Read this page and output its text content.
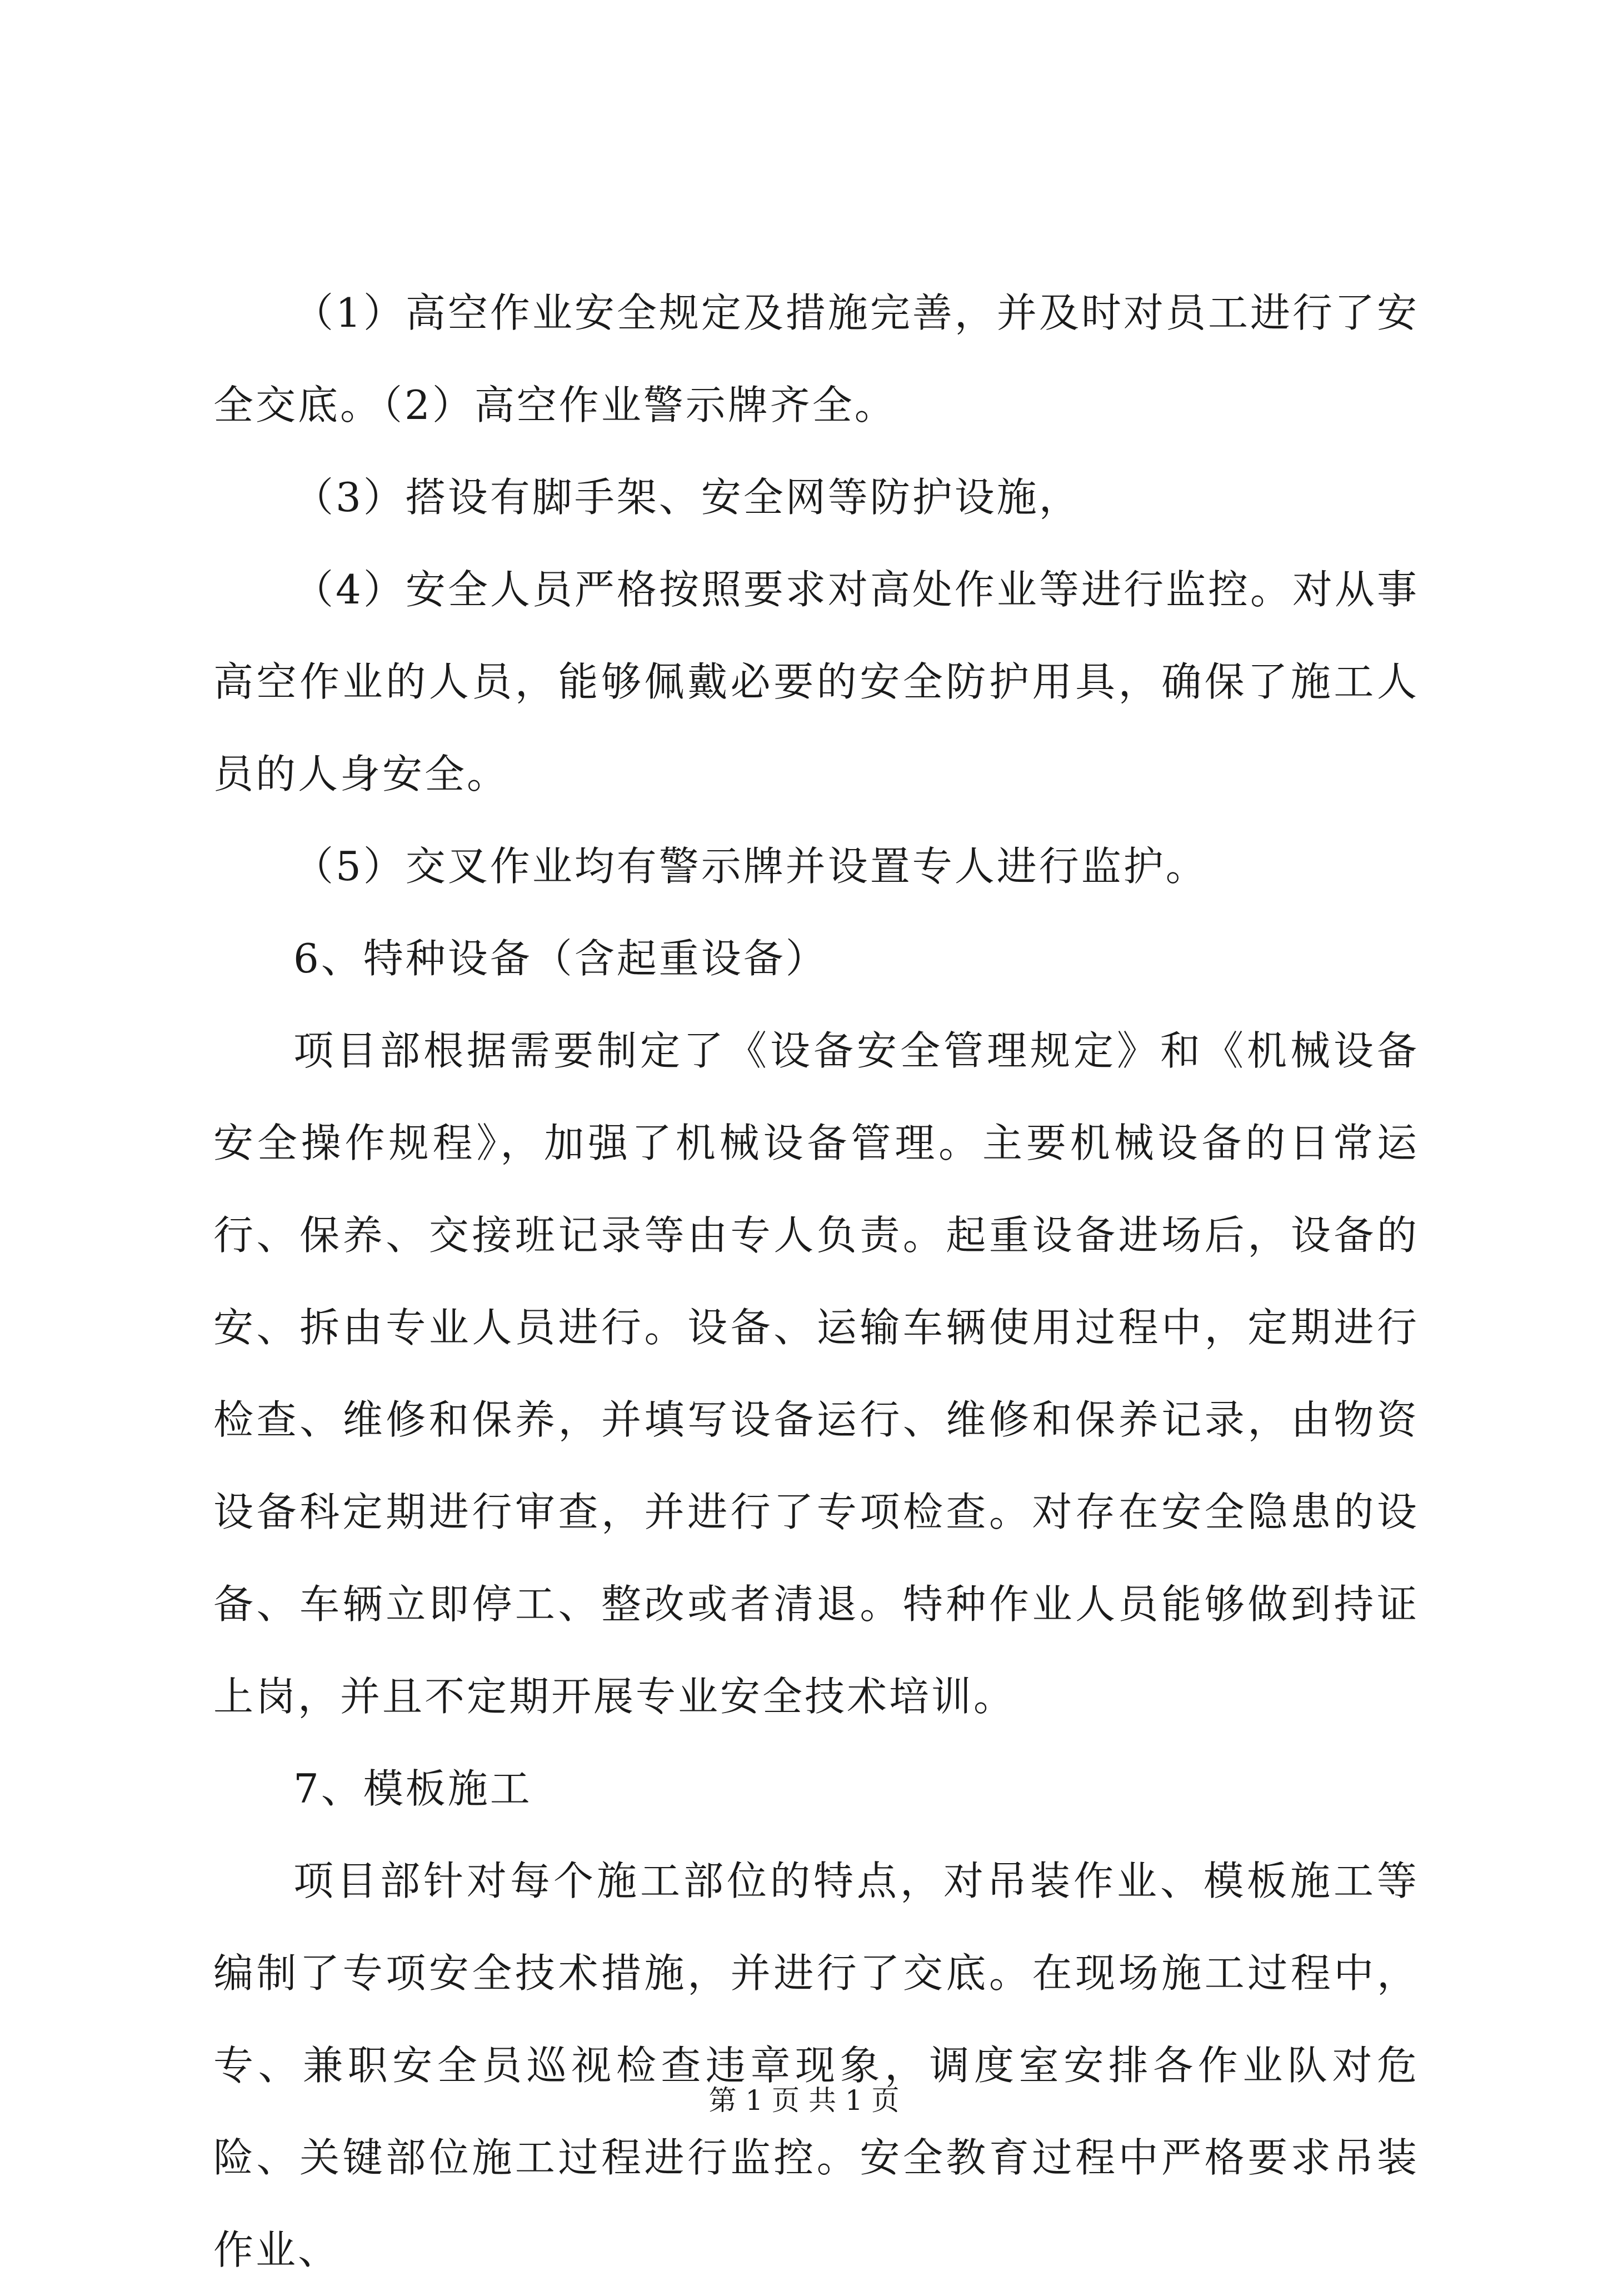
（1）高空作业安全规定及措施完善，并及时对员工进行了安全交底。（2）高空作业警示牌齐全。

（3）搭设有脚手架、安全网等防护设施，

（4）安全人员严格按照要求对高处作业等进行监控。对从事高空作业的人员，能够佩戴必要的安全防护用具，确保了施工人员的人身安全。

（5）交叉作业均有警示牌并设置专人进行监护。

6、特种设备（含起重设备）

项目部根据需要制定了《设备安全管理规定》和《机械设备安全操作规程》，加强了机械设备管理。主要机械设备的日常运行、保养、交接班记录等由专人负责。起重设备进场后，设备的安、拆由专业人员进行。设备、运输车辆使用过程中，定期进行检查、维修和保养，并填写设备运行、维修和保养记录，由物资设备科定期进行审查，并进行了专项检查。对存在安全隐患的设备、车辆立即停工、整改或者清退。特种作业人员能够做到持证上岗，并且不定期开展专业安全技术培训。

7、模板施工

项目部针对每个施工部位的特点，对吊装作业、模板施工等编制了专项安全技术措施，并进行了交底。在现场施工过程中，专、兼职安全员巡视检查违章现象，调度室安排各作业队对危险、关键部位施工过程进行监控。安全教育过程中严格要求吊装作业、

第 1 页 共 1 页
